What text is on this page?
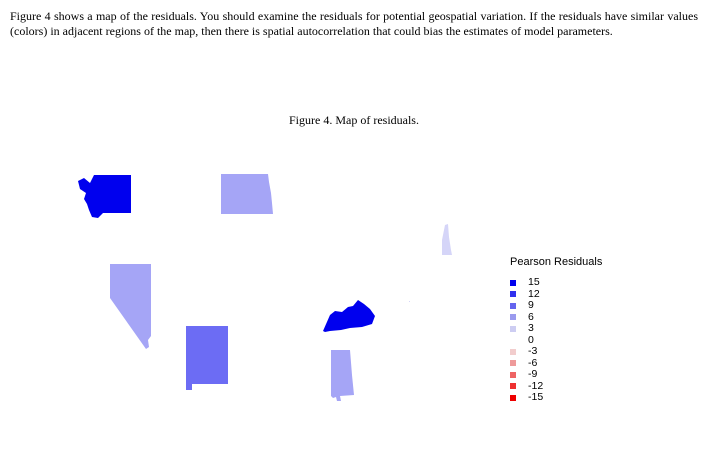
Figure 4 shows a map of the residuals. You should examine the residuals for potential geospatial variation. If the residuals have similar values (colors) in adjacent regions of the map, then there is spatial autocorrelation that could bias the estimates of model parameters.

Figure 4. Map of residuals.

Pearson Residuals
15
12
9
6
3
0
-3
-6
-9
-12
-15
